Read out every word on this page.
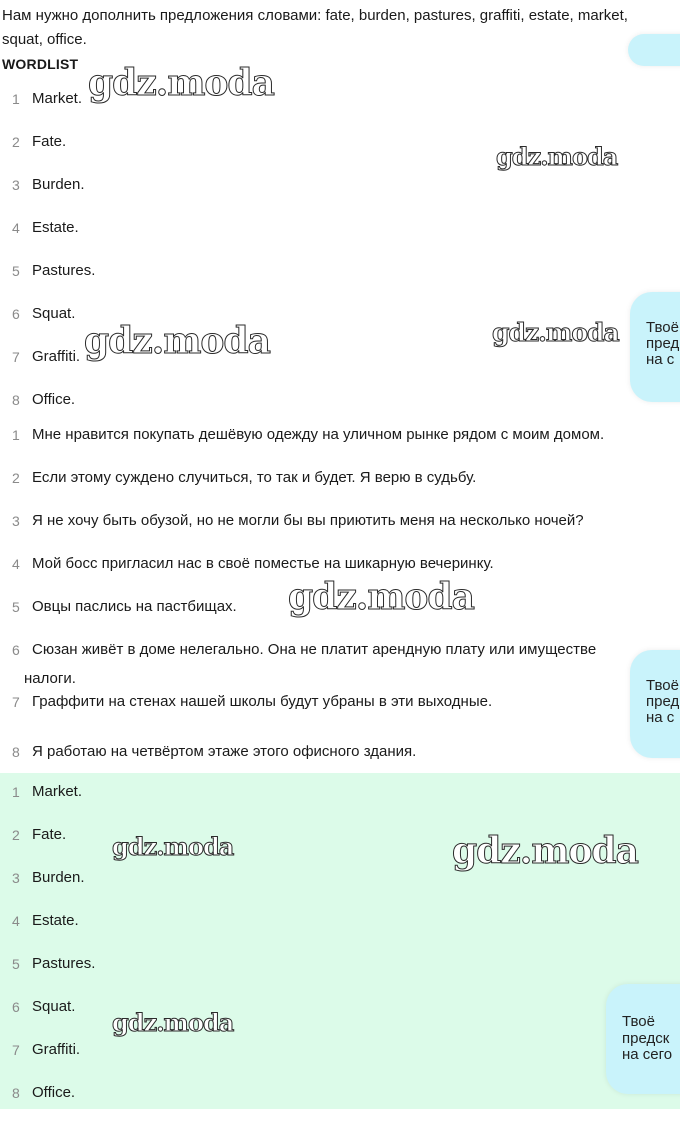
Нам нужно дополнить предложения словами: fate, burden, pastures, graffiti, estate, market, squat, office.
WORDLIST
1 Market.
2 Fate.
3 Burden.
4 Estate.
5 Pastures.
6 Squat.
7 Graffiti.
8 Office.
1 Мне нравится покупать дешёвую одежду на уличном рынке рядом с моим домом.
2 Если этому суждено случиться, то так и будет. Я верю в судьбу.
3 Я не хочу быть обузой, но не могли бы вы приютить меня на несколько ночей?
4 Мой босс пригласил нас в своё поместье на шикарную вечеринку.
5 Овцы паслись на пастбищах.
6 Сюзан живёт в доме нелегально. Она не платит арендную плату или имуществе
налоги.
7 Граффити на стенах нашей школы будут убраны в эти выходные.
8 Я работаю на четвёртом этаже этого офисного здания.
1 Market.
2 Fate.
3 Burden.
4 Estate.
5 Pastures.
6 Squat.
7 Graffiti.
8 Office.
gdz.moda
gdz.moda
gdz.moda	gdz.moda
gdz.moda
gdz.moda	gdz.moda
gdz.moda
Твоё
пред
на с
Твоё
пред
на с
Твоё
предск
на сего
